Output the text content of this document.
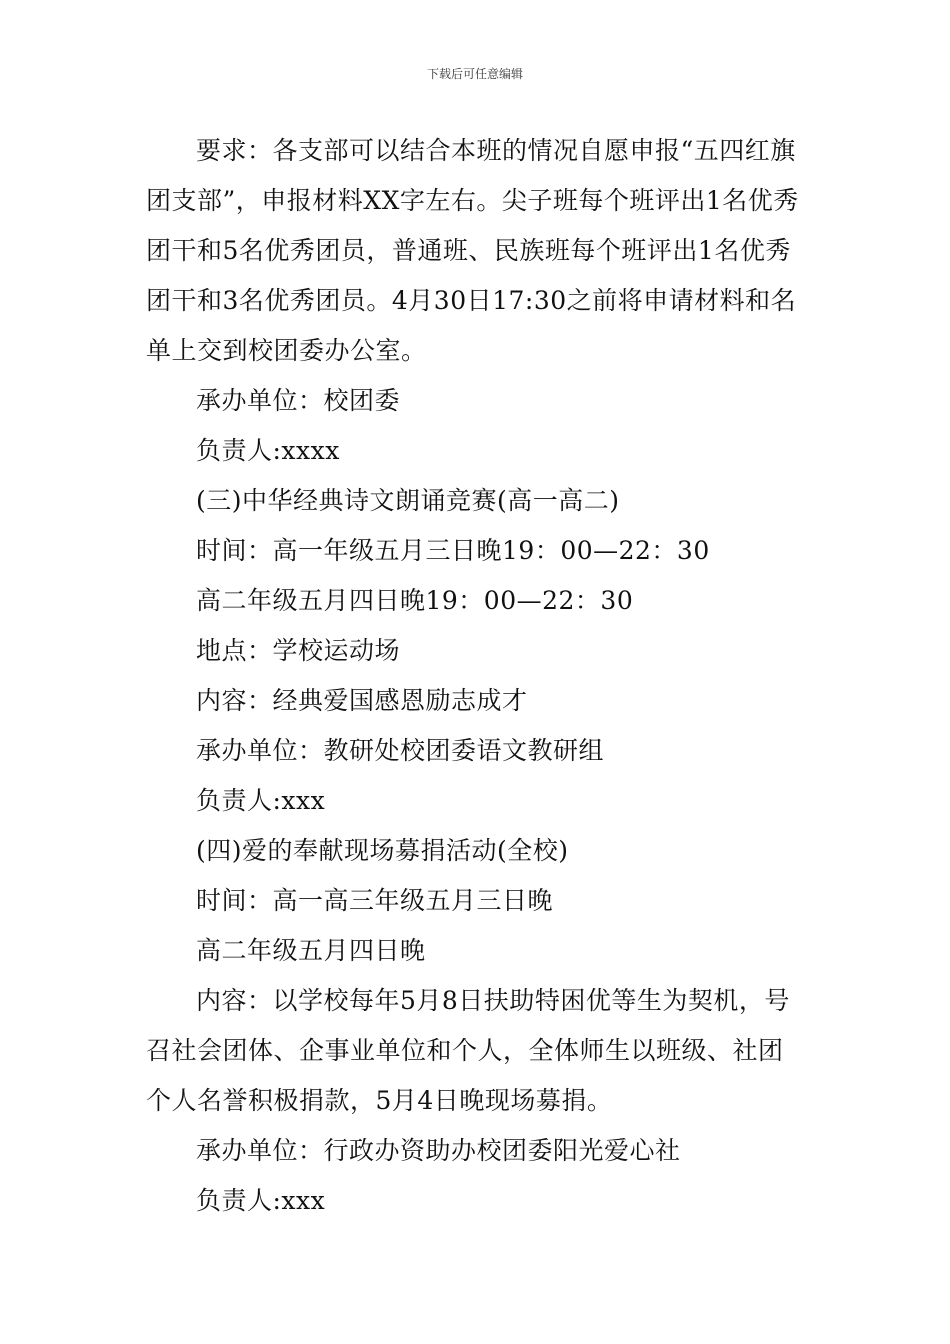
下载后可任意编辑

要求：各支部可以结合本班的情况自愿申报“五四红旗团支部”，申报材料XX字左右。尖子班每个班评出1名优秀团干和5名优秀团员，普通班、民族班每个班评出1名优秀团干和3名优秀团员。4月30日17:30之前将申请材料和名单上交到校团委办公室。

承办单位：校团委

负责人:xxxx

(三)中华经典诗文朗诵竞赛(高一高二)

时间：高一年级五月三日晚19：00—22：30

高二年级五月四日晚19：00—22：30

地点：学校运动场

内容：经典爱国感恩励志成才

承办单位：教研处校团委语文教研组

负责人:xxx

(四)爱的奉献现场募捐活动(全校)

时间：高一高三年级五月三日晚

高二年级五月四日晚

内容：以学校每年5月8日扶助特困优等生为契机，号召社会团体、企事业单位和个人，全体师生以班级、社团个人名誉积极捐款，5月4日晚现场募捐。

承办单位：行政办资助办校团委阳光爱心社

负责人:xxx
